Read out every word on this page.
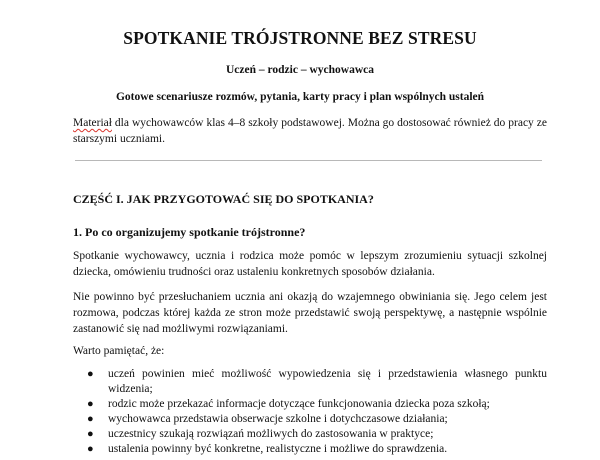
SPOTKANIE TRÓJSTRONNE BEZ STRESU

Uczeń – rodzic – wychowawca

Gotowe scenariusze rozmów, pytania, karty pracy i plan wspólnych ustaleń

Materiał dla wychowawców klas 4–8 szkoły podstawowej. Można go dostosować również do pracy ze starszymi uczniami.

CZĘŚĆ I. JAK PRZYGOTOWAĆ SIĘ DO SPOTKANIA?
1. Po co organizujemy spotkanie trójstronne?

Spotkanie wychowawcy, ucznia i rodzica może pomóc w lepszym zrozumieniu sytuacji szkolnej dziecka, omówieniu trudności oraz ustaleniu konkretnych sposobów działania.

Nie powinno być przesłuchaniem ucznia ani okazją do wzajemnego obwiniania się. Jego celem jest rozmowa, podczas której każda ze stron może przedstawić swoją perspektywę, a następnie wspólnie zastanowić się nad możliwymi rozwiązaniami.

Warto pamiętać, że:

● uczeń powinien mieć możliwość wypowiedzenia się i przedstawienia własnego punktu widzenia;
● rodzic może przekazać informacje dotyczące funkcjonowania dziecka poza szkołą;
● wychowawca przedstawia obserwacje szkolne i dotychczasowe działania;
● uczestnicy szukają rozwiązań możliwych do zastosowania w praktyce;
● ustalenia powinny być konkretne, realistyczne i możliwe do sprawdzenia.
